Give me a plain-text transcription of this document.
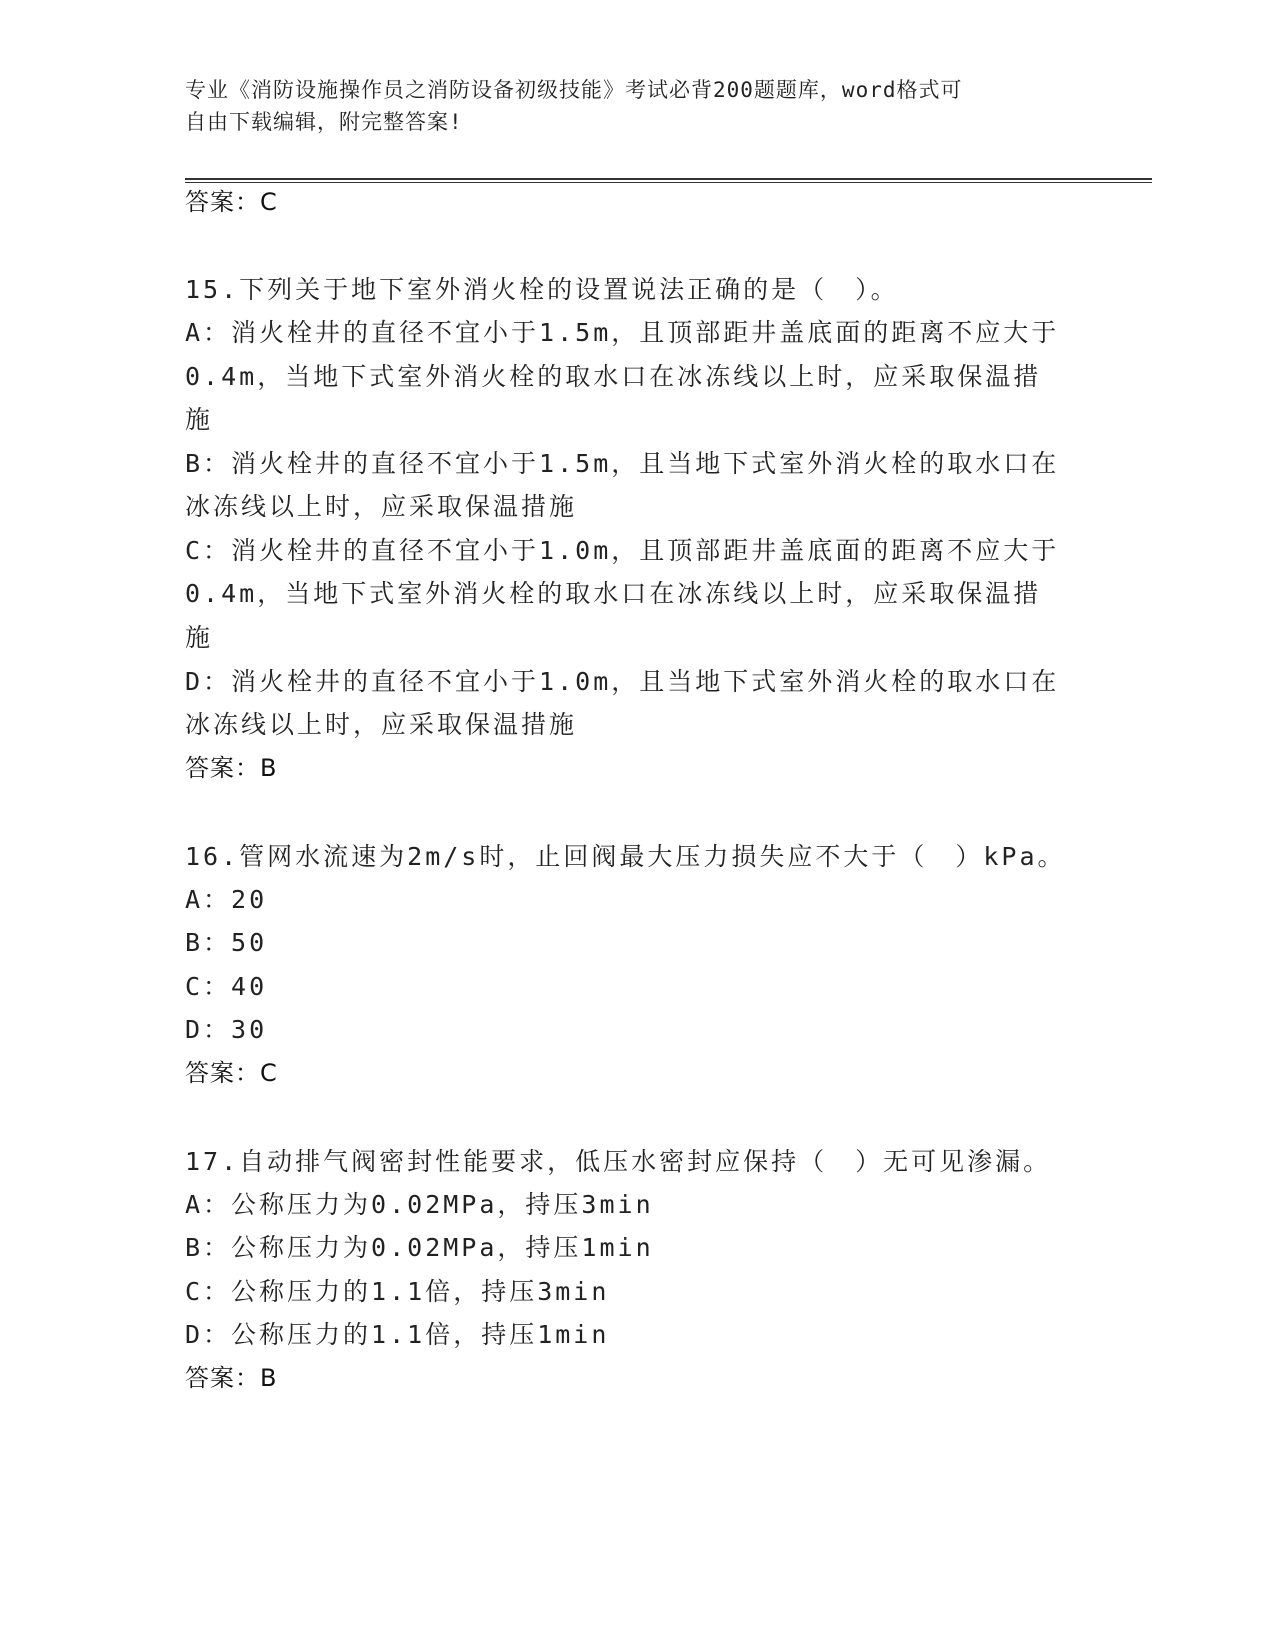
专业《消防设施操作员之消防设备初级技能》考试必背200题题库，word格式可
自由下载编辑，附完整答案!
答案：C
15.下列关于地下室外消火栓的设置说法正确的是（　）。
A：消火栓井的直径不宜小于1.5m，且顶部距井盖底面的距离不应大于
0.4m，当地下式室外消火栓的取水口在冰冻线以上时，应采取保温措
施
B：消火栓井的直径不宜小于1.5m，且当地下式室外消火栓的取水口在
冰冻线以上时，应采取保温措施
C：消火栓井的直径不宜小于1.0m，且顶部距井盖底面的距离不应大于
0.4m，当地下式室外消火栓的取水口在冰冻线以上时，应采取保温措
施
D：消火栓井的直径不宜小于1.0m，且当地下式室外消火栓的取水口在
冰冻线以上时，应采取保温措施
答案：B
16.管网水流速为2m/s时，止回阀最大压力损失应不大于（　）kPa。
A：20
B：50
C：40
D：30
答案：C
17.自动排气阀密封性能要求，低压水密封应保持（　）无可见渗漏。
A：公称压力为0.02MPa，持压3min
B：公称压力为0.02MPa，持压1min
C：公称压力的1.1倍，持压3min
D：公称压力的1.1倍，持压1min
答案：B
